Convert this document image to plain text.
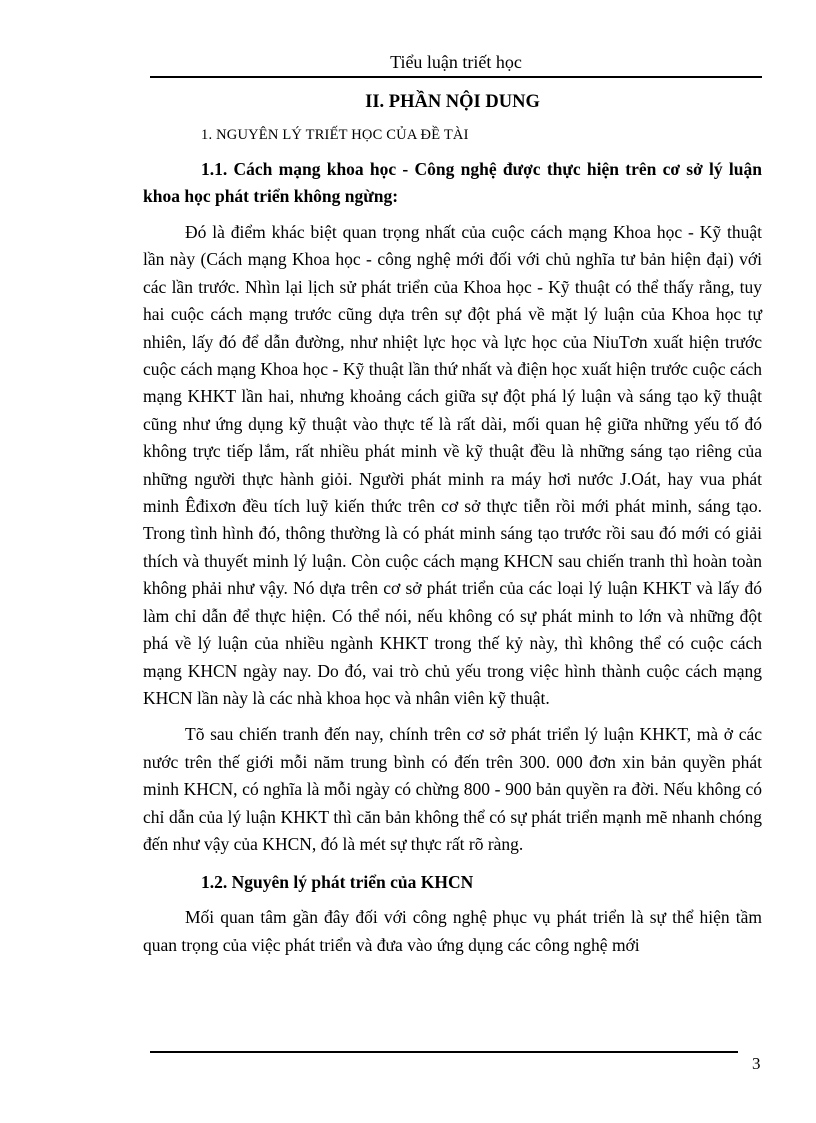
Tiểu luận triết học
II. PHẦN NỘI DUNG
1. NGUYÊN LÝ TRIẾT HỌC CỦA ĐỀ TÀI
1.1. Cách mạng khoa học - Công nghệ được thực hiện trên cơ sở lý luận khoa học phát triển không ngừng:

Đó là điểm khác biệt quan trọng nhất của cuộc cách mạng Khoa học - Kỹ thuật lần này (Cách mạng Khoa học - công nghệ mới đối với chủ nghĩa tư bản hiện đại) với các lần trước. Nhìn lại lịch sử phát triển của Khoa học - Kỹ thuật có thể thấy rằng, tuy hai cuộc cách mạng trước cũng dựa trên sự đột phá về mặt lý luận của Khoa học tự nhiên, lấy đó để dẫn đường, như nhiệt lực học và lực học của NiuTơn xuất hiện trước cuộc cách mạng Khoa học - Kỹ thuật lần thứ nhất và điện học xuất hiện trước cuộc cách mạng KHKT lần hai, nhưng khoảng cách giữa sự đột phá lý luận và sáng tạo kỹ thuật cũng như ứng dụng kỹ thuật vào thực tế là rất dài, mối quan hệ giữa những yếu tố đó không trực tiếp lắm, rất nhiều phát minh về kỹ thuật đều là những sáng tạo riêng của những người thực hành giỏi. Người phát minh ra máy hơi nước J.Oát, hay vua phát minh Êđixơn đều tích luỹ kiến thức trên cơ sở thực tiễn rồi mới phát minh, sáng tạo. Trong tình hình đó, thông thường là có phát minh sáng tạo trước rồi sau đó mới có giải thích và thuyết minh lý luận. Còn cuộc cách mạng KHCN sau chiến tranh thì hoàn toàn không phải như vậy. Nó dựa trên cơ sở phát triển của các loại lý luận KHKT và lấy đó làm chỉ dẫn để thực hiện. Có thể nói, nếu không có sự phát minh to lớn và những đột phá về lý luận của nhiều ngành KHKT trong thế kỷ này, thì không thể có cuộc cách mạng KHCN ngày nay. Do đó, vai trò chủ yếu trong việc hình thành cuộc cách mạng KHCN lần này là các nhà khoa học và nhân viên kỹ thuật.

Tõ sau chiến tranh đến nay, chính trên cơ sở phát triển lý luận KHKT, mà ở các nước trên thế giới mỗi năm trung bình có đến trên 300. 000 đơn xin bản quyền phát minh KHCN, có nghĩa là mỗi ngày có chừng 800 - 900 bản quyền ra đời. Nếu không có chỉ dẫn của lý luận KHKT thì căn bản không thể có sự phát triển mạnh mẽ nhanh chóng đến như vậy của KHCN, đó là mét sự thực rất rõ ràng.

1.2. Nguyên lý phát triển của KHCN

Mối quan tâm gần đây đối với công nghệ phục vụ phát triển là sự thể hiện tầm quan trọng của việc phát triển và đưa vào ứng dụng các công nghệ mới

3
